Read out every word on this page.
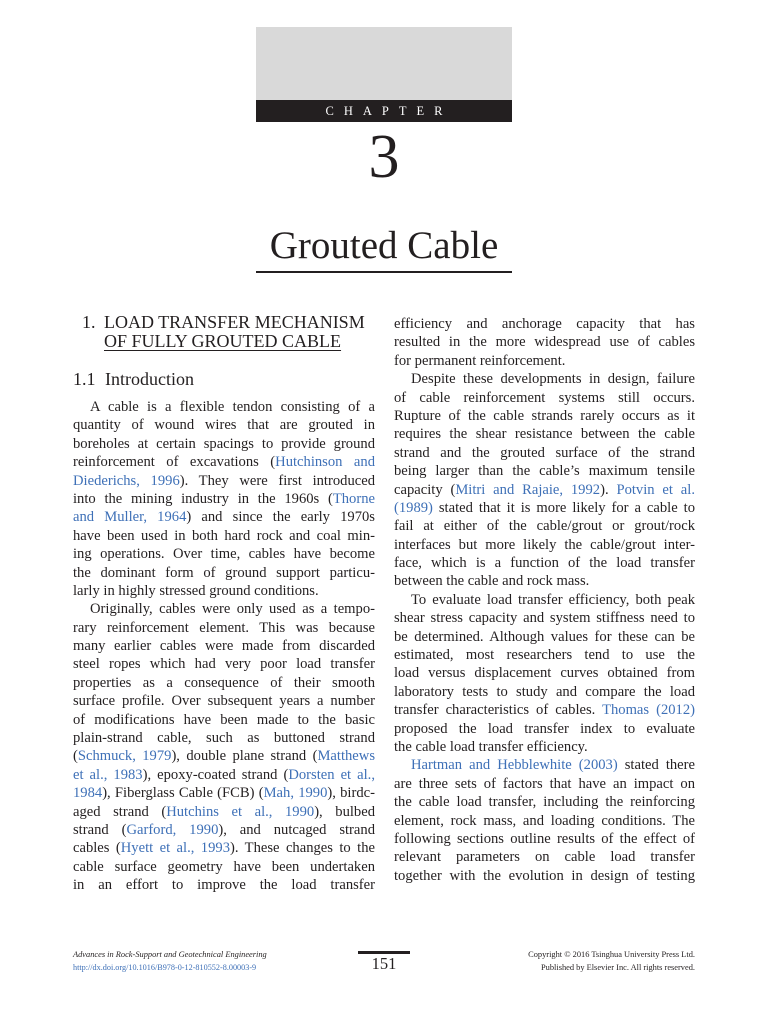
CHAPTER
3
Grouted Cable
1. LOAD TRANSFER MECHANISM
OF FULLY GROUTED CABLE
1.1 Introduction
A cable is a flexible tendon consisting of a
quantity of wound wires that are grouted in
boreholes at certain spacings to provide ground
reinforcement of excavations (Hutchinson and
Diederichs, 1996). They were first introduced
into the mining industry in the 1960s (Thorne
and Muller, 1964) and since the early 1970s
have been used in both hard rock and coal min-
ing operations. Over time, cables have become
the dominant form of ground support particu-
larly in highly stressed ground conditions.
Originally, cables were only used as a tempo-
rary reinforcement element. This was because
many earlier cables were made from discarded
steel ropes which had very poor load transfer
properties as a consequence of their smooth
surface profile. Over subsequent years a number
of modifications have been made to the basic
plain-strand cable, such as buttoned strand
(Schmuck, 1979), double plane strand (Matthews
et al., 1983), epoxy-coated strand (Dorsten et al.,
1984), Fiberglass Cable (FCB) (Mah, 1990), birdc-
aged strand (Hutchins et al., 1990), bulbed
strand (Garford, 1990), and nutcaged strand
cables (Hyett et al., 1993). These changes to the
cable surface geometry have been undertaken
in an effort to improve the load transfer
efficiency and anchorage capacity that has
resulted in the more widespread use of cables
for permanent reinforcement.
Despite these developments in design, failure
of cable reinforcement systems still occurs.
Rupture of the cable strands rarely occurs as it
requires the shear resistance between the cable
strand and the grouted surface of the strand
being larger than the cable’s maximum tensile
capacity (Mitri and Rajaie, 1992). Potvin et al.
(1989) stated that it is more likely for a cable to
fail at either of the cable/grout or grout/rock
interfaces but more likely the cable/grout inter-
face, which is a function of the load transfer
between the cable and rock mass.
To evaluate load transfer efficiency, both peak
shear stress capacity and system stiffness need to
be determined. Although values for these can be
estimated, most researchers tend to use the
load versus displacement curves obtained from
laboratory tests to study and compare the load
transfer characteristics of cables. Thomas (2012)
proposed the load transfer index to evaluate
the cable load transfer efficiency.
Hartman and Hebblewhite (2003) stated there
are three sets of factors that have an impact on
the cable load transfer, including the reinforcing
element, rock mass, and loading conditions. The
following sections outline results of the effect of
relevant parameters on cable load transfer
together with the evolution in design of testing
Advances in Rock-Support and Geotechnical Engineering
http://dx.doi.org/10.1016/B978-0-12-810552-8.00003-9	151	Copyright © 2016 Tsinghua University Press Ltd.
Published by Elsevier Inc. All rights reserved.
